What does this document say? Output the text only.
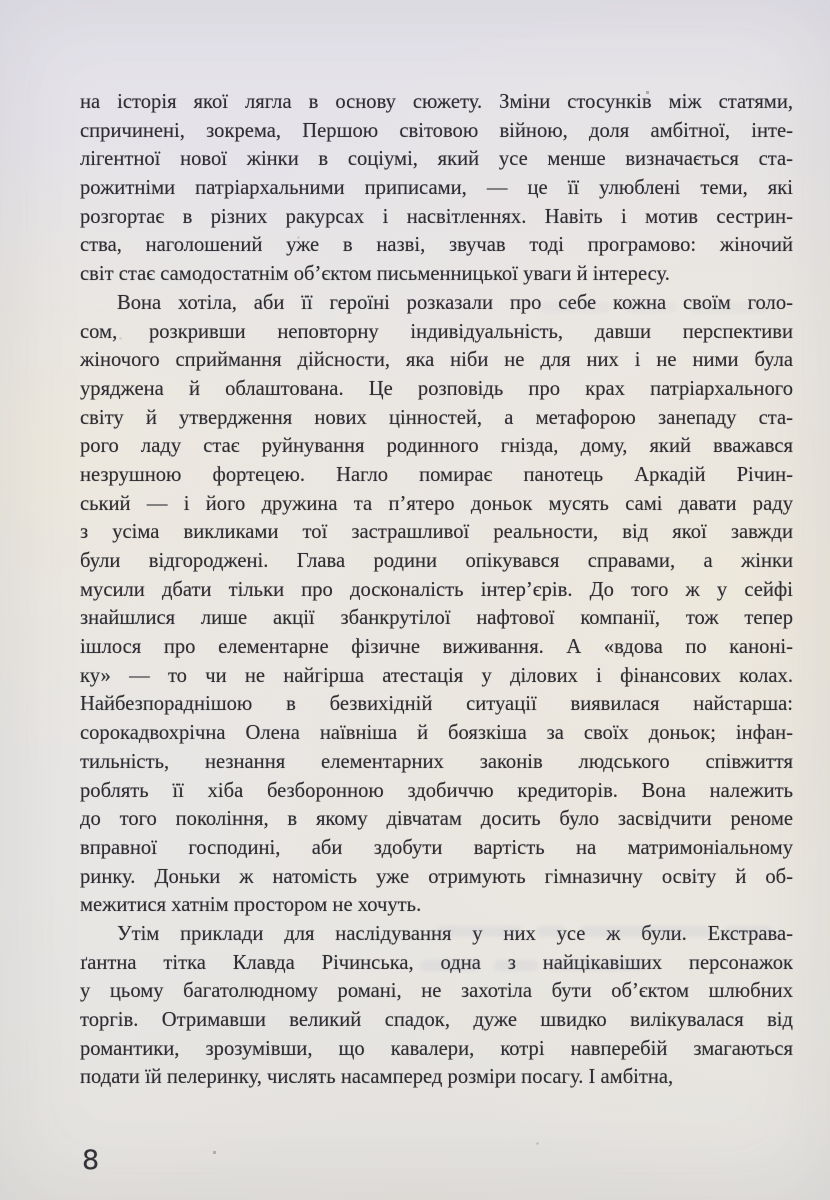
на історія якої лягла в основу сюжету. Зміни стосунків між статями,
спричинені, зокрема, Першою світовою війною, доля амбітної, інте-
лігентної нової жінки в соціумі, який усе менше визначається ста-
рожитніми патріархальними приписами, — це її улюблені теми, які
розгортає в різних ракурсах і насвітленнях. Навіть і мотив сестрин-
ства, наголошений уже в назві, звучав тоді програмово: жіночий
світ стає самодостатнім об’єктом письменницької уваги й інтересу.
Вона хотіла, аби її героїні розказали про себе кожна своїм голо-
сом, розкривши неповторну індивідуальність, давши перспективи
жіночого сприймання дійсности, яка ніби не для них і не ними була
уряджена й облаштована. Це розповідь про крах патріархального
світу й утвердження нових цінностей, а метафорою занепаду ста-
рого ладу стає руйнування родинного гнізда, дому, який вважався
незрушною фортецею. Нагло помирає панотець Аркадій Річин-
ський — і його дружина та п’ятеро доньок мусять самі давати раду
з усіма викликами тої застрашливої реальности, від якої завжди
були відгороджені. Глава родини опікувався справами, а жінки
мусили дбати тільки про досконалість інтер’єрів. До того ж у сейфі
знайшлися лише акції збанкрутілої нафтової компанії, тож тепер
ішлося про елементарне фізичне виживання. А «вдова по каноні-
ку» — то чи не найгірша атестація у ділових і фінансових колах.
Найбезпораднішою в безвихідній ситуації виявилася найстарша:
сорокадвохрічна Олена наївніша й боязкіша за своїх доньок; інфан-
тильність, незнання елементарних законів людського співжиття
роблять її хіба безборонною здобиччю кредиторів. Вона належить
до того покоління, в якому дівчатам досить було засвідчити реноме
вправної господині, аби здобути вартість на матримоніальному
ринку. Доньки ж натомість уже отримують гімназичну освіту й об-
межитися хатнім простором не хочуть.
Утім приклади для наслідування у них усе ж були. Екстрава-
ґантна тітка Клавда Річинська, одна з найцікавіших персонажок
у цьому багатолюдному романі, не захотіла бути об’єктом шлюбних
торгів. Отримавши великий спадок, дуже швидко вилікувалася від
романтики, зрозумівши, що кавалери, котрі навперебій змагаються
подати їй пелеринку, числять насамперед розміри посагу. І амбітна,
8
